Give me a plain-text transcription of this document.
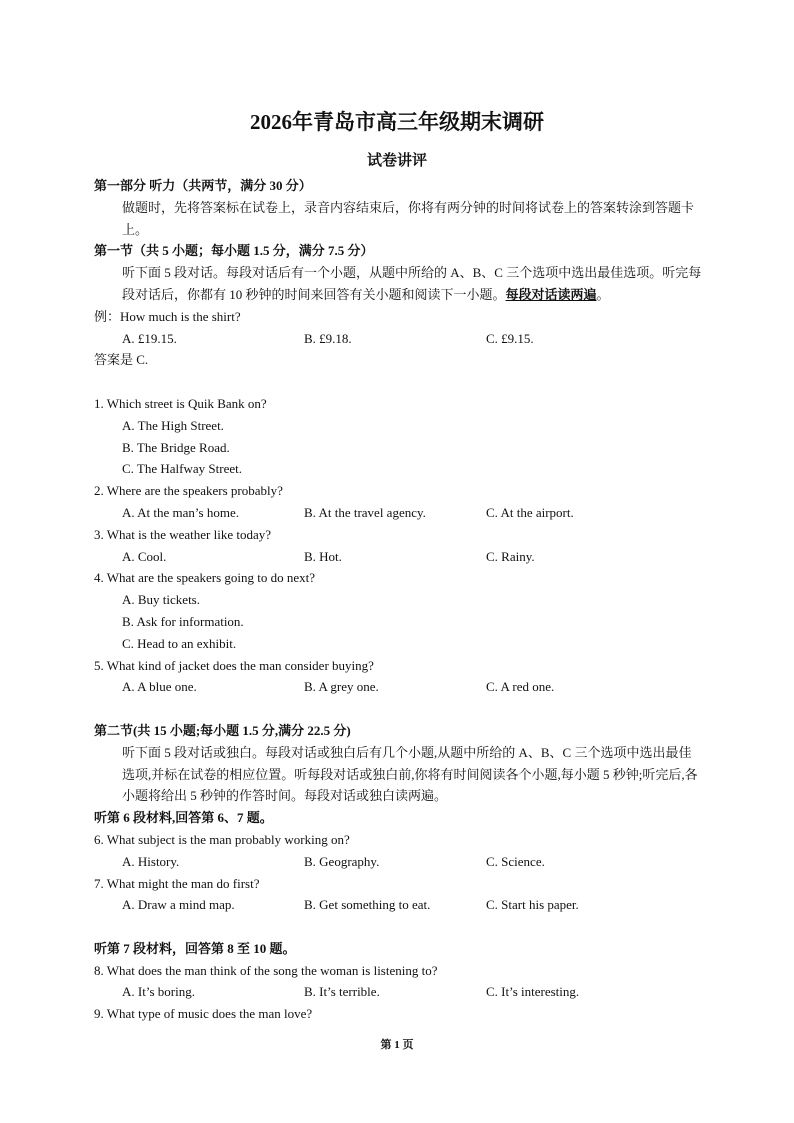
2026年青岛市高三年级期末调研
试卷讲评
第一部分 听力（共两节，满分 30 分）
做题时，先将答案标在试卷上，录音内容结束后，你将有两分钟的时间将试卷上的答案转涂到答题卡上。
第一节（共 5 小题；每小题 1.5 分，满分 7.5 分）
听下面 5 段对话。每段对话后有一个小题，从题中所给的 A、B、C 三个选项中选出最佳选项。听完每段对话后，你都有 10 秒钟的时间来回答有关小题和阅读下一小题。每段对话读两遍。
例：How much is the shirt?
A. £19.15.	B. £9.18.	C. £9.15.
答案是 C.
1. Which street is Quik Bank on?
A. The High Street.
B. The Bridge Road.
C. The Halfway Street.
2. Where are the speakers probably?
A. At the man’s home.	B. At the travel agency.	C. At the airport.
3. What is the weather like today?
A. Cool.	B. Hot.	C. Rainy.
4. What are the speakers going to do next?
A. Buy tickets.
B. Ask for information.
C. Head to an exhibit.
5. What kind of jacket does the man consider buying?
A. A blue one.	B. A grey one.	C. A red one.
第二节(共 15 小题;每小题 1.5 分,满分 22.5 分)
听下面 5 段对话或独白。每段对话或独白后有几个小题,从题中所给的 A、B、C 三个选项中选出最佳选项,并标在试卷的相应位置。听每段对话或独白前,你将有时间阅读各个小题,每小题 5 秒钟;听完后,各小题将给出 5 秒钟的作答时间。每段对话或独白读两遍。
听第 6 段材料,回答第 6、7 题。
6. What subject is the man probably working on?
A. History.	B. Geography.	C. Science.
7. What might the man do first?
A. Draw a mind map.	B. Get something to eat.	C. Start his paper.
听第 7 段材料，回答第 8 至 10 题。
8. What does the man think of the song the woman is listening to?
A. It’s boring.	B. It’s terrible.	C. It’s interesting.
9. What type of music does the man love?
第 1 页
